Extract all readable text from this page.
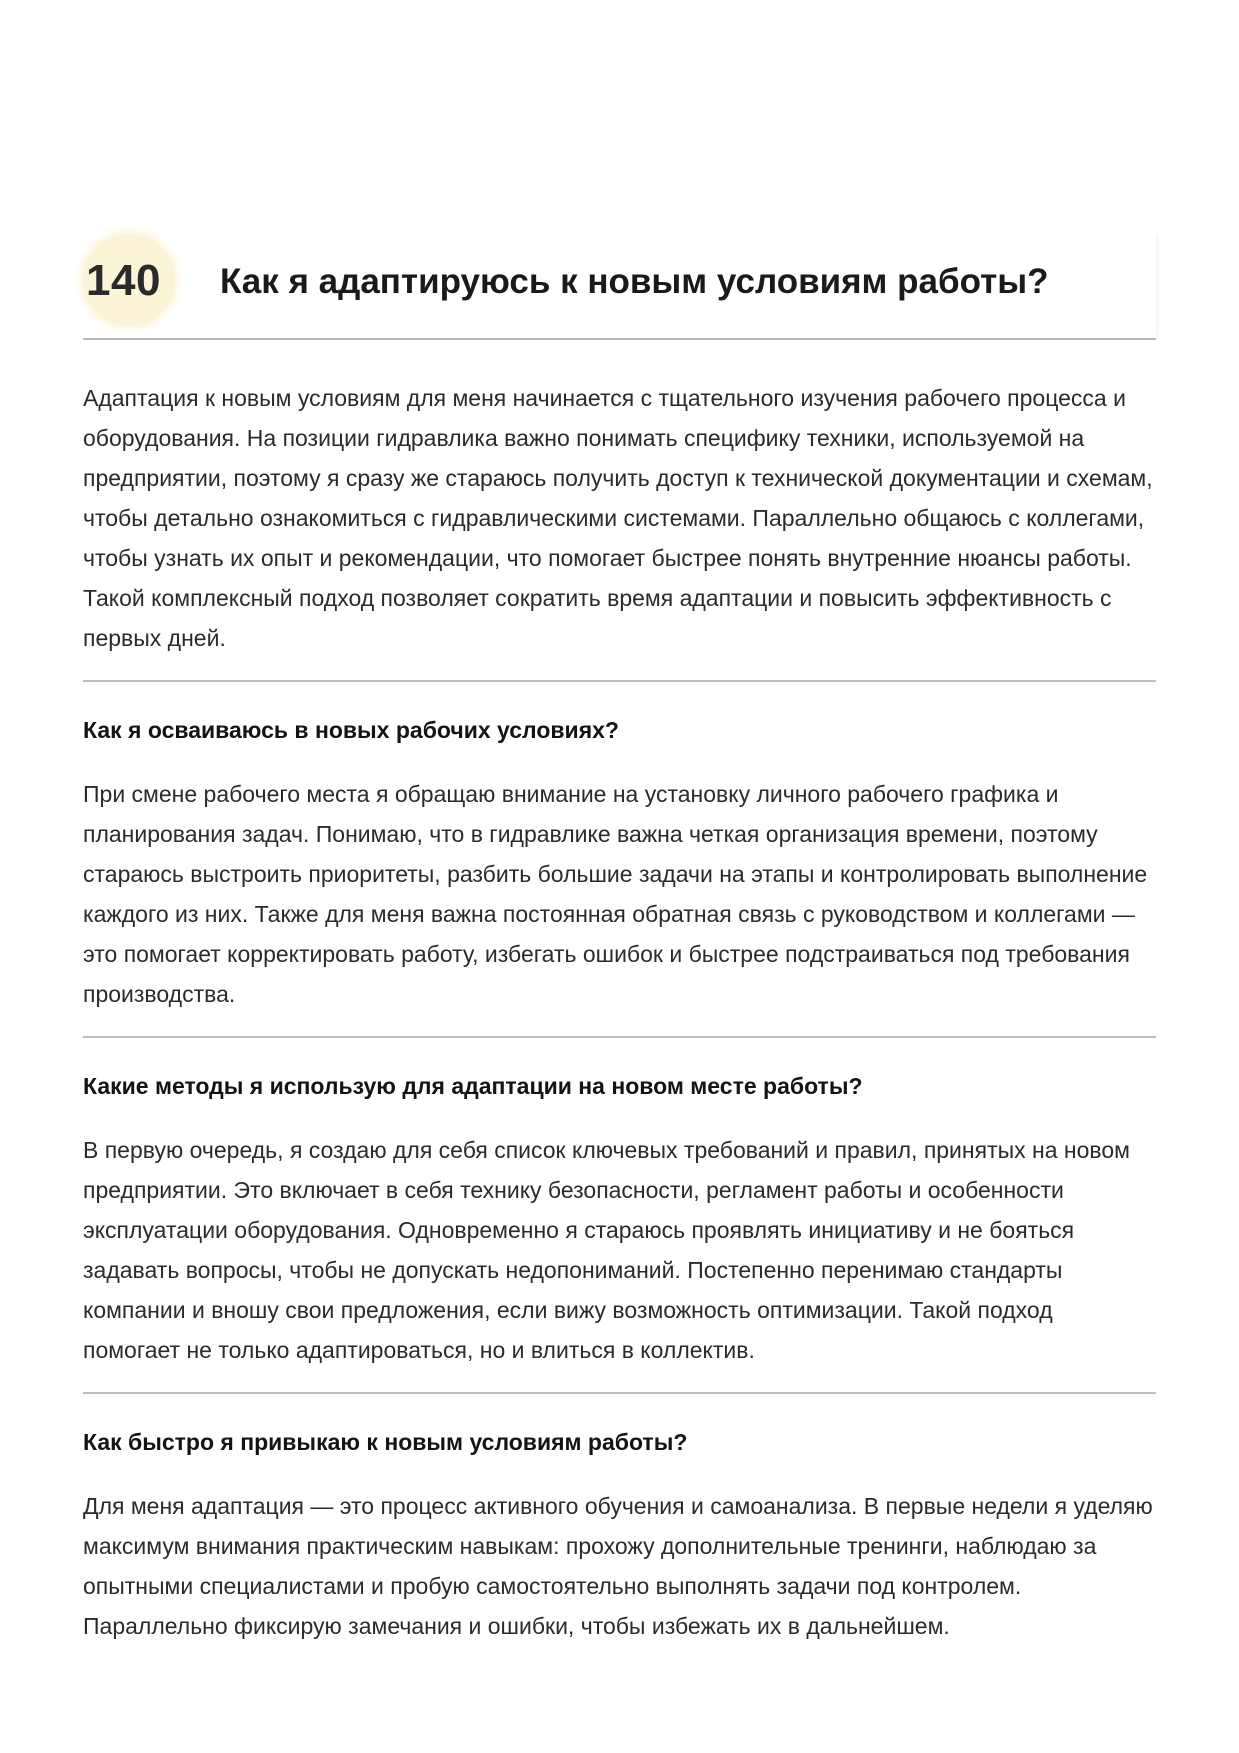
140 Как я адаптируюсь к новым условиям работы?

Адаптация к новым условиям для меня начинается с тщательного изучения рабочего процесса и оборудования. На позиции гидравлика важно понимать специфику техники, используемой на предприятии, поэтому я сразу же стараюсь получить доступ к технической документации и схемам, чтобы детально ознакомиться с гидравлическими системами. Параллельно общаюсь с коллегами, чтобы узнать их опыт и рекомендации, что помогает быстрее понять внутренние нюансы работы. Такой комплексный подход позволяет сократить время адаптации и повысить эффективность с первых дней.

Как я осваиваюсь в новых рабочих условиях?

При смене рабочего места я обращаю внимание на установку личного рабочего графика и планирования задач. Понимаю, что в гидравлике важна четкая организация времени, поэтому стараюсь выстроить приоритеты, разбить большие задачи на этапы и контролировать выполнение каждого из них. Также для меня важна постоянная обратная связь с руководством и коллегами — это помогает корректировать работу, избегать ошибок и быстрее подстраиваться под требования производства.

Какие методы я использую для адаптации на новом месте работы?

В первую очередь, я создаю для себя список ключевых требований и правил, принятых на новом предприятии. Это включает в себя технику безопасности, регламент работы и особенности эксплуатации оборудования. Одновременно я стараюсь проявлять инициативу и не бояться задавать вопросы, чтобы не допускать недопониманий. Постепенно перенимаю стандарты компании и вношу свои предложения, если вижу возможность оптимизации. Такой подход помогает не только адаптироваться, но и влиться в коллектив.

Как быстро я привыкаю к новым условиям работы?

Для меня адаптация — это процесс активного обучения и самоанализа. В первые недели я уделяю максимум внимания практическим навыкам: прохожу дополнительные тренинги, наблюдаю за опытными специалистами и пробую самостоятельно выполнять задачи под контролем. Параллельно фиксирую замечания и ошибки, чтобы избежать их в дальнейшем.
